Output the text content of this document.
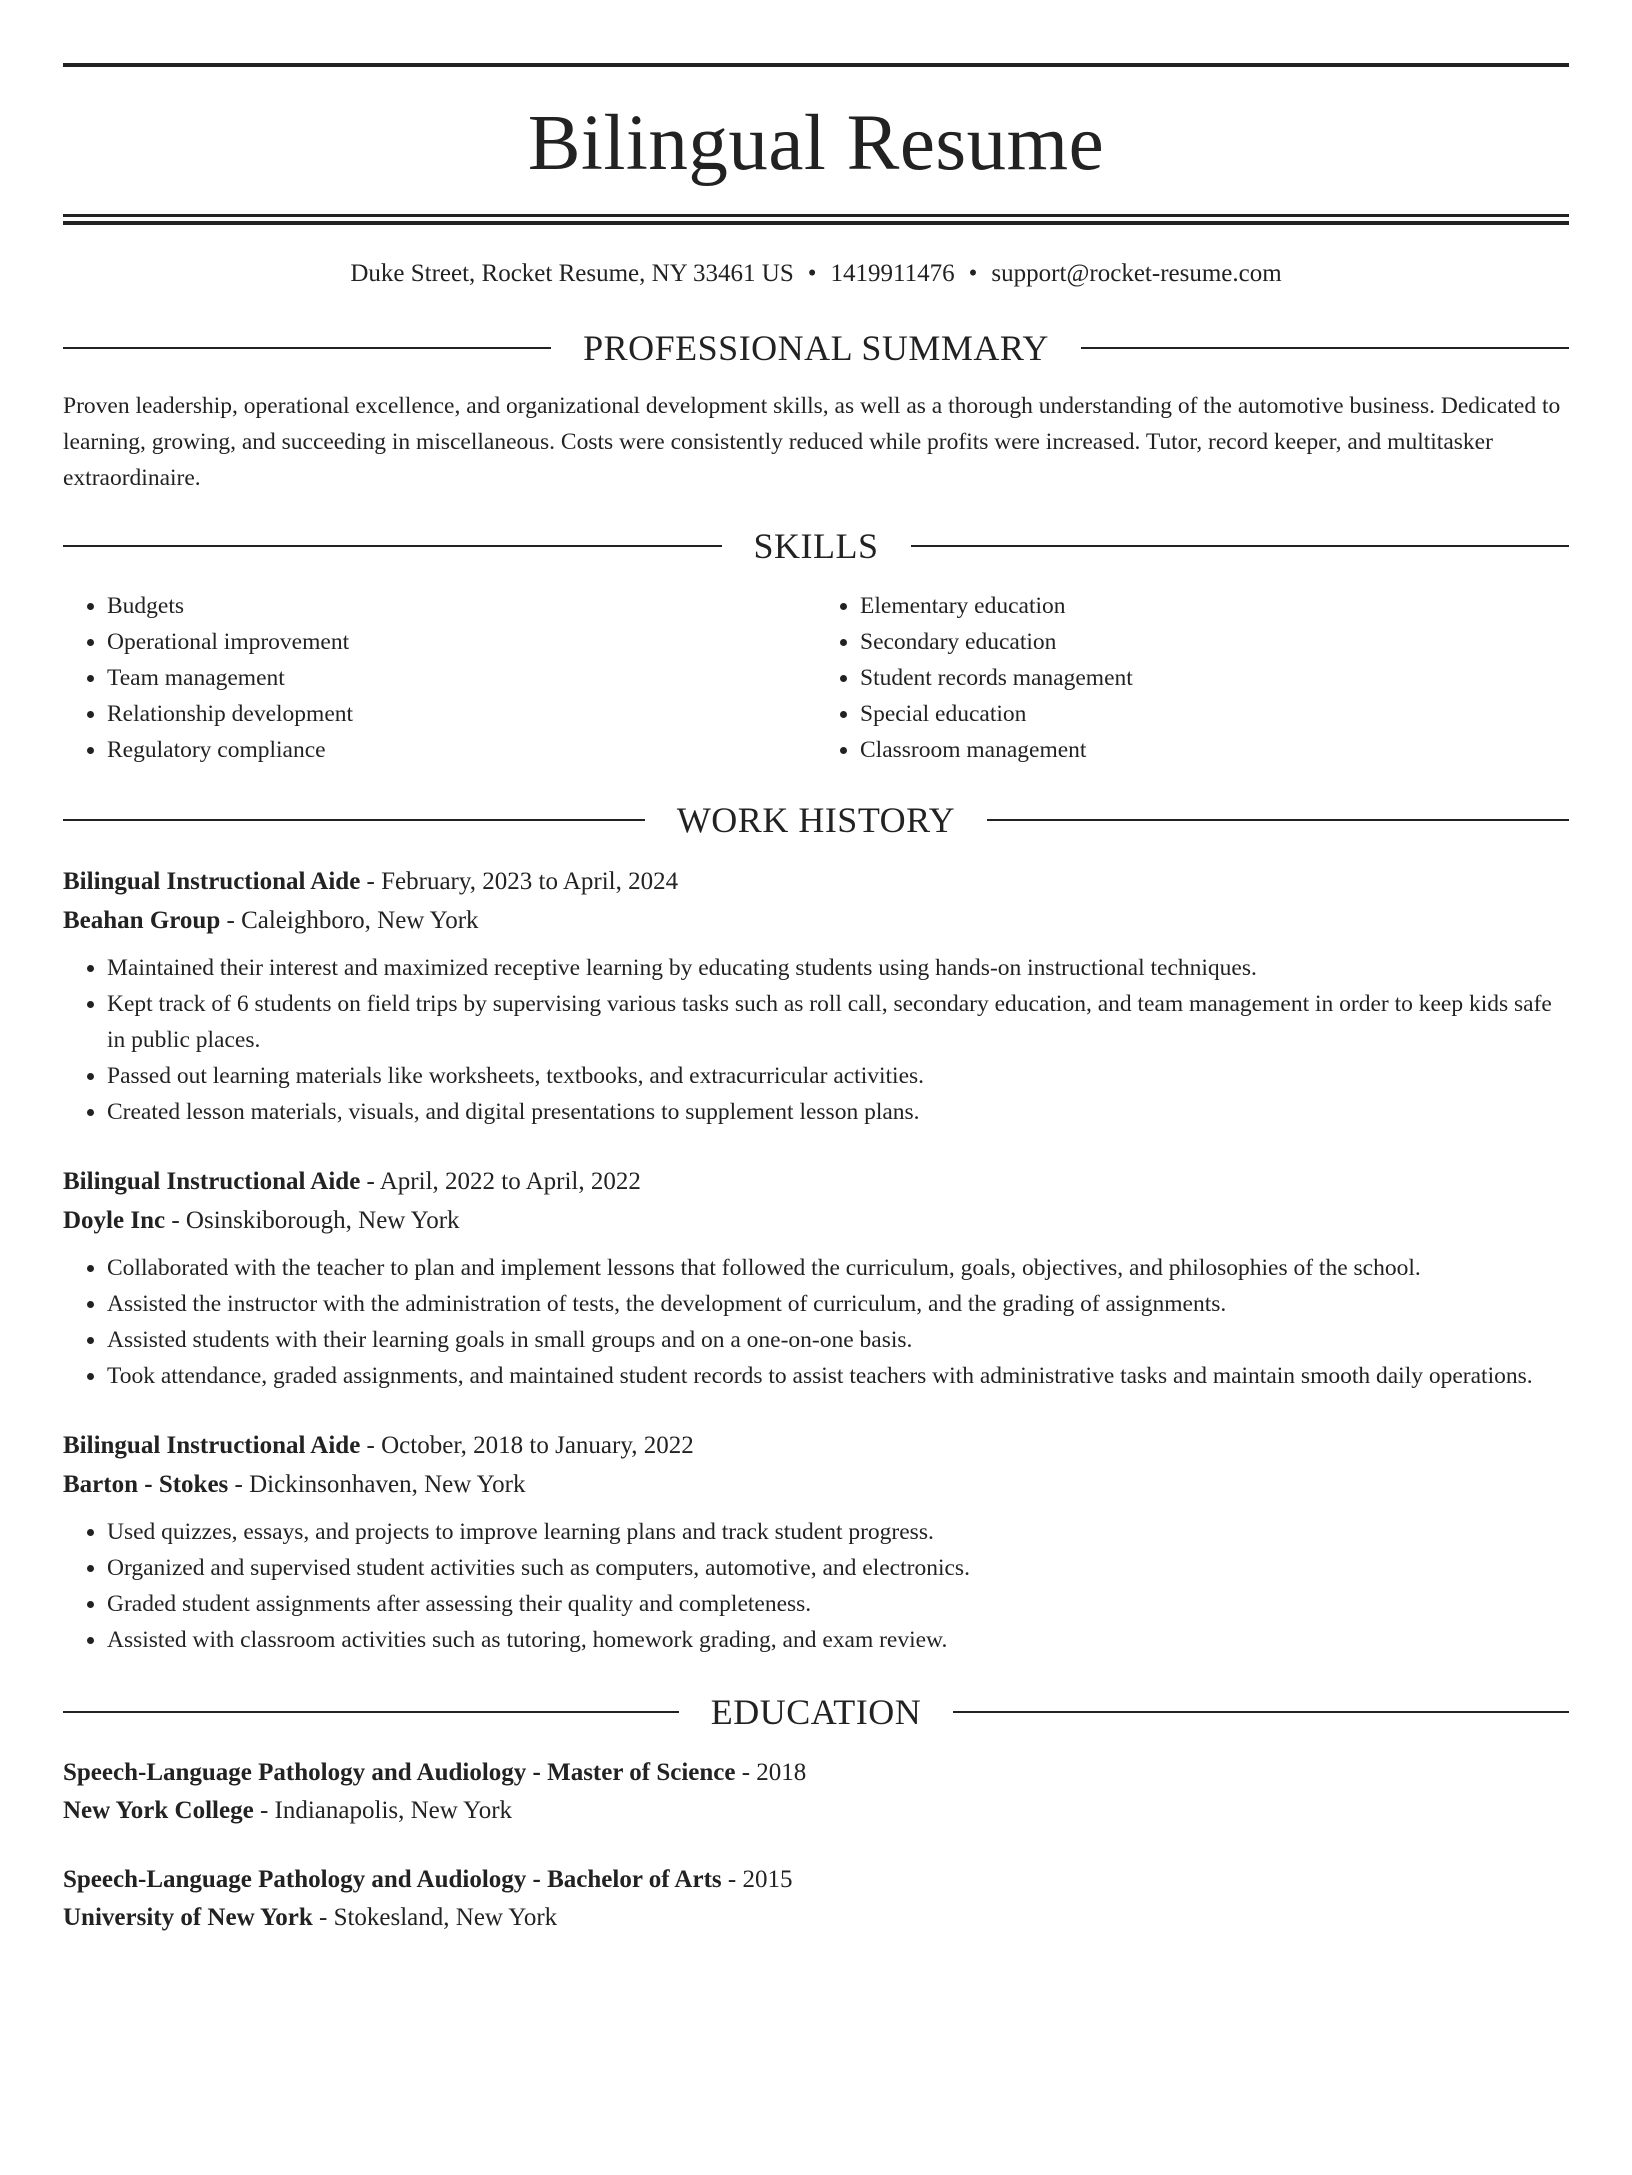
Bilingual Resume
Duke Street, Rocket Resume, NY 33461 US • 1419911476 • support@rocket-resume.com
PROFESSIONAL SUMMARY
Proven leadership, operational excellence, and organizational development skills, as well as a thorough understanding of the automotive business. Dedicated to learning, growing, and succeeding in miscellaneous. Costs were consistently reduced while profits were increased. Tutor, record keeper, and multitasker extraordinaire.
SKILLS
• Budgets
• Operational improvement
• Team management
• Relationship development
• Regulatory compliance
• Elementary education
• Secondary education
• Student records management
• Special education
• Classroom management
WORK HISTORY
Bilingual Instructional Aide - February, 2023 to April, 2024
Beahan Group - Caleighboro, New York
• Maintained their interest and maximized receptive learning by educating students using hands-on instructional techniques.
• Kept track of 6 students on field trips by supervising various tasks such as roll call, secondary education, and team management in order to keep kids safe in public places.
• Passed out learning materials like worksheets, textbooks, and extracurricular activities.
• Created lesson materials, visuals, and digital presentations to supplement lesson plans.
Bilingual Instructional Aide - April, 2022 to April, 2022
Doyle Inc - Osinskiborough, New York
• Collaborated with the teacher to plan and implement lessons that followed the curriculum, goals, objectives, and philosophies of the school.
• Assisted the instructor with the administration of tests, the development of curriculum, and the grading of assignments.
• Assisted students with their learning goals in small groups and on a one-on-one basis.
• Took attendance, graded assignments, and maintained student records to assist teachers with administrative tasks and maintain smooth daily operations.
Bilingual Instructional Aide - October, 2018 to January, 2022
Barton - Stokes - Dickinsonhaven, New York
• Used quizzes, essays, and projects to improve learning plans and track student progress.
• Organized and supervised student activities such as computers, automotive, and electronics.
• Graded student assignments after assessing their quality and completeness.
• Assisted with classroom activities such as tutoring, homework grading, and exam review.
EDUCATION
Speech-Language Pathology and Audiology - Master of Science - 2018
New York College - Indianapolis, New York
Speech-Language Pathology and Audiology - Bachelor of Arts - 2015
University of New York - Stokesland, New York
